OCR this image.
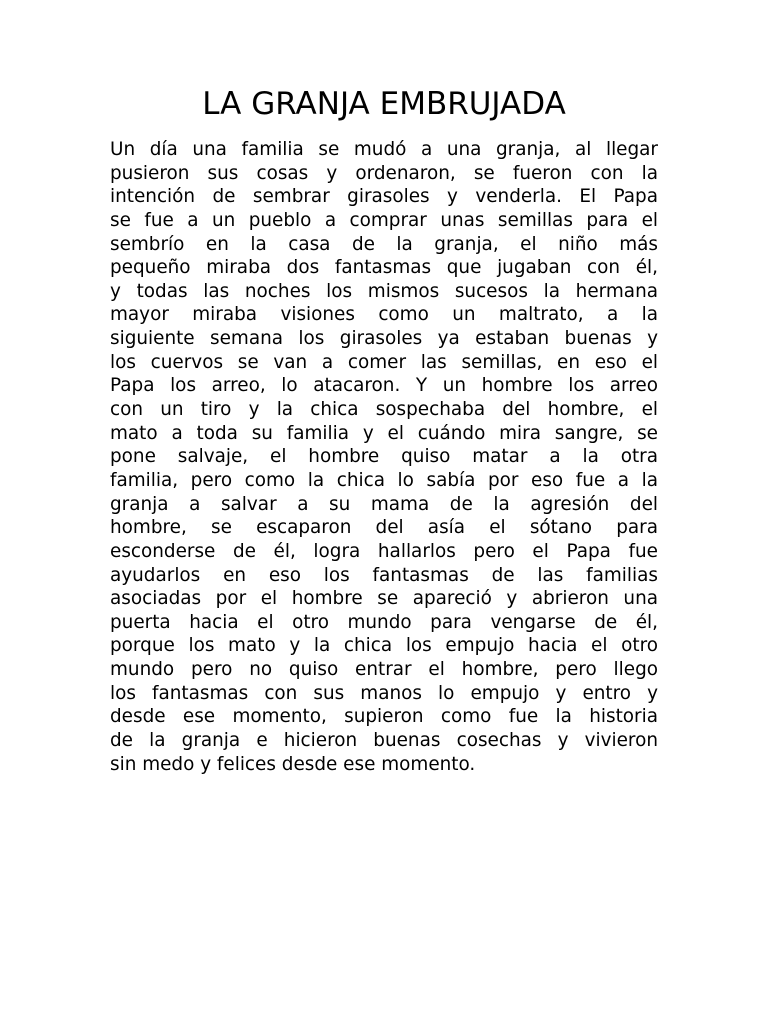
LA GRANJA EMBRUJADA
Un día una familia se mudó a una granja, al llegar
pusieron sus cosas y ordenaron, se fueron con la
intención de sembrar girasoles y venderla. El Papa
se fue a un pueblo a comprar unas semillas para el
sembrío en la casa de la granja, el niño más
pequeño miraba dos fantasmas que jugaban con él,
y todas las noches los mismos sucesos la hermana
mayor miraba visiones como un maltrato, a la
siguiente semana los girasoles ya estaban buenas y
los cuervos se van a comer las semillas, en eso el
Papa los arreo, lo atacaron. Y un hombre los arreo
con un tiro y la chica sospechaba del hombre, el
mato a toda su familia y el cuándo mira sangre, se
pone salvaje, el hombre quiso matar a la otra
familia, pero como la chica lo sabía por eso fue a la
granja a salvar a su mama de la agresión del
hombre, se escaparon del asía el sótano para
esconderse de él, logra hallarlos pero el Papa fue
ayudarlos en eso los fantasmas de las familias
asociadas por el hombre se apareció y abrieron una
puerta hacia el otro mundo para vengarse de él,
porque los mato y la chica los empujo hacia el otro
mundo pero no quiso entrar el hombre, pero llego
los fantasmas con sus manos lo empujo y entro y
desde ese momento, supieron como fue la historia
de la granja e hicieron buenas cosechas y vivieron
sin medo y felices desde ese momento.
